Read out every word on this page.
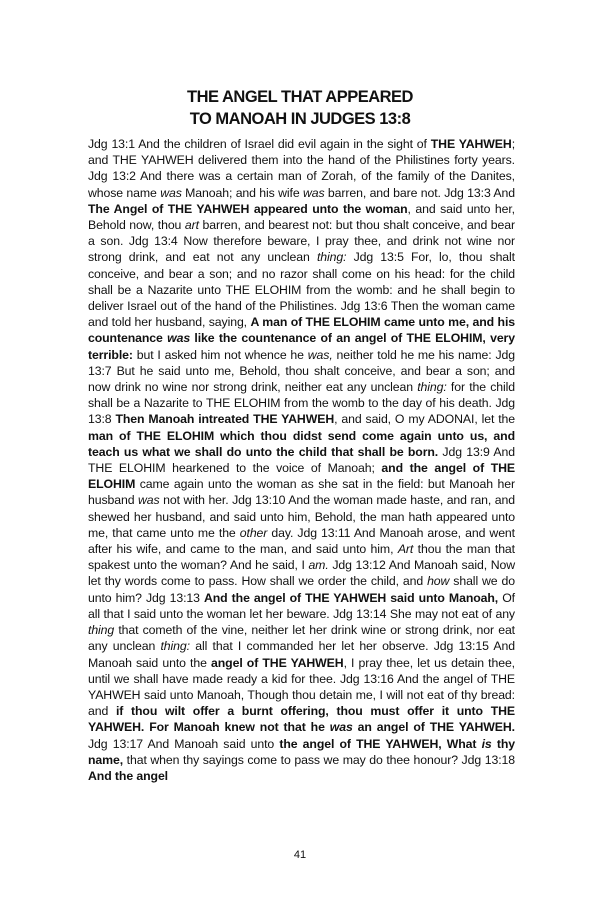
THE ANGEL THAT APPEARED
TO MANOAH IN JUDGES 13:8
Jdg 13:1 And the children of Israel did evil again in the sight of THE YAHWEH; and THE YAHWEH delivered them into the hand of the Philistines forty years. Jdg 13:2 And there was a certain man of Zorah, of the family of the Danites, whose name was Manoah; and his wife was barren, and bare not. Jdg 13:3 And The Angel of THE YAHWEH appeared unto the woman, and said unto her, Behold now, thou art barren, and bearest not: but thou shalt conceive, and bear a son. Jdg 13:4 Now therefore beware, I pray thee, and drink not wine nor strong drink, and eat not any unclean thing: Jdg 13:5 For, lo, thou shalt conceive, and bear a son; and no razor shall come on his head: for the child shall be a Nazarite unto THE ELOHIM from the womb: and he shall begin to deliver Israel out of the hand of the Philistines. Jdg 13:6 Then the woman came and told her husband, saying, A man of THE ELOHIM came unto me, and his countenance was like the countenance of an angel of THE ELOHIM, very terrible: but I asked him not whence he was, neither told he me his name: Jdg 13:7 But he said unto me, Behold, thou shalt conceive, and bear a son; and now drink no wine nor strong drink, neither eat any unclean thing: for the child shall be a Nazarite to THE ELOHIM from the womb to the day of his death. Jdg 13:8 Then Manoah intreated THE YAHWEH, and said, O my ADONAI, let the man of THE ELOHIM which thou didst send come again unto us, and teach us what we shall do unto the child that shall be born. Jdg 13:9 And THE ELOHIM hearkened to the voice of Manoah; and the angel of THE ELOHIM came again unto the woman as she sat in the field: but Manoah her husband was not with her. Jdg 13:10 And the woman made haste, and ran, and shewed her husband, and said unto him, Behold, the man hath appeared unto me, that came unto me the other day. Jdg 13:11 And Manoah arose, and went after his wife, and came to the man, and said unto him, Art thou the man that spakest unto the woman? And he said, I am. Jdg 13:12 And Manoah said, Now let thy words come to pass. How shall we order the child, and how shall we do unto him? Jdg 13:13 And the angel of THE YAHWEH said unto Manoah, Of all that I said unto the woman let her beware. Jdg 13:14 She may not eat of any thing that cometh of the vine, neither let her drink wine or strong drink, nor eat any unclean thing: all that I commanded her let her observe. Jdg 13:15 And Manoah said unto the angel of THE YAHWEH, I pray thee, let us detain thee, until we shall have made ready a kid for thee. Jdg 13:16 And the angel of THE YAHWEH said unto Manoah, Though thou detain me, I will not eat of thy bread: and if thou wilt offer a burnt offering, thou must offer it unto THE YAHWEH. For Manoah knew not that he was an angel of THE YAHWEH. Jdg 13:17 And Manoah said unto the angel of THE YAHWEH, What is thy name, that when thy sayings come to pass we may do thee honour? Jdg 13:18 And the angel
41
